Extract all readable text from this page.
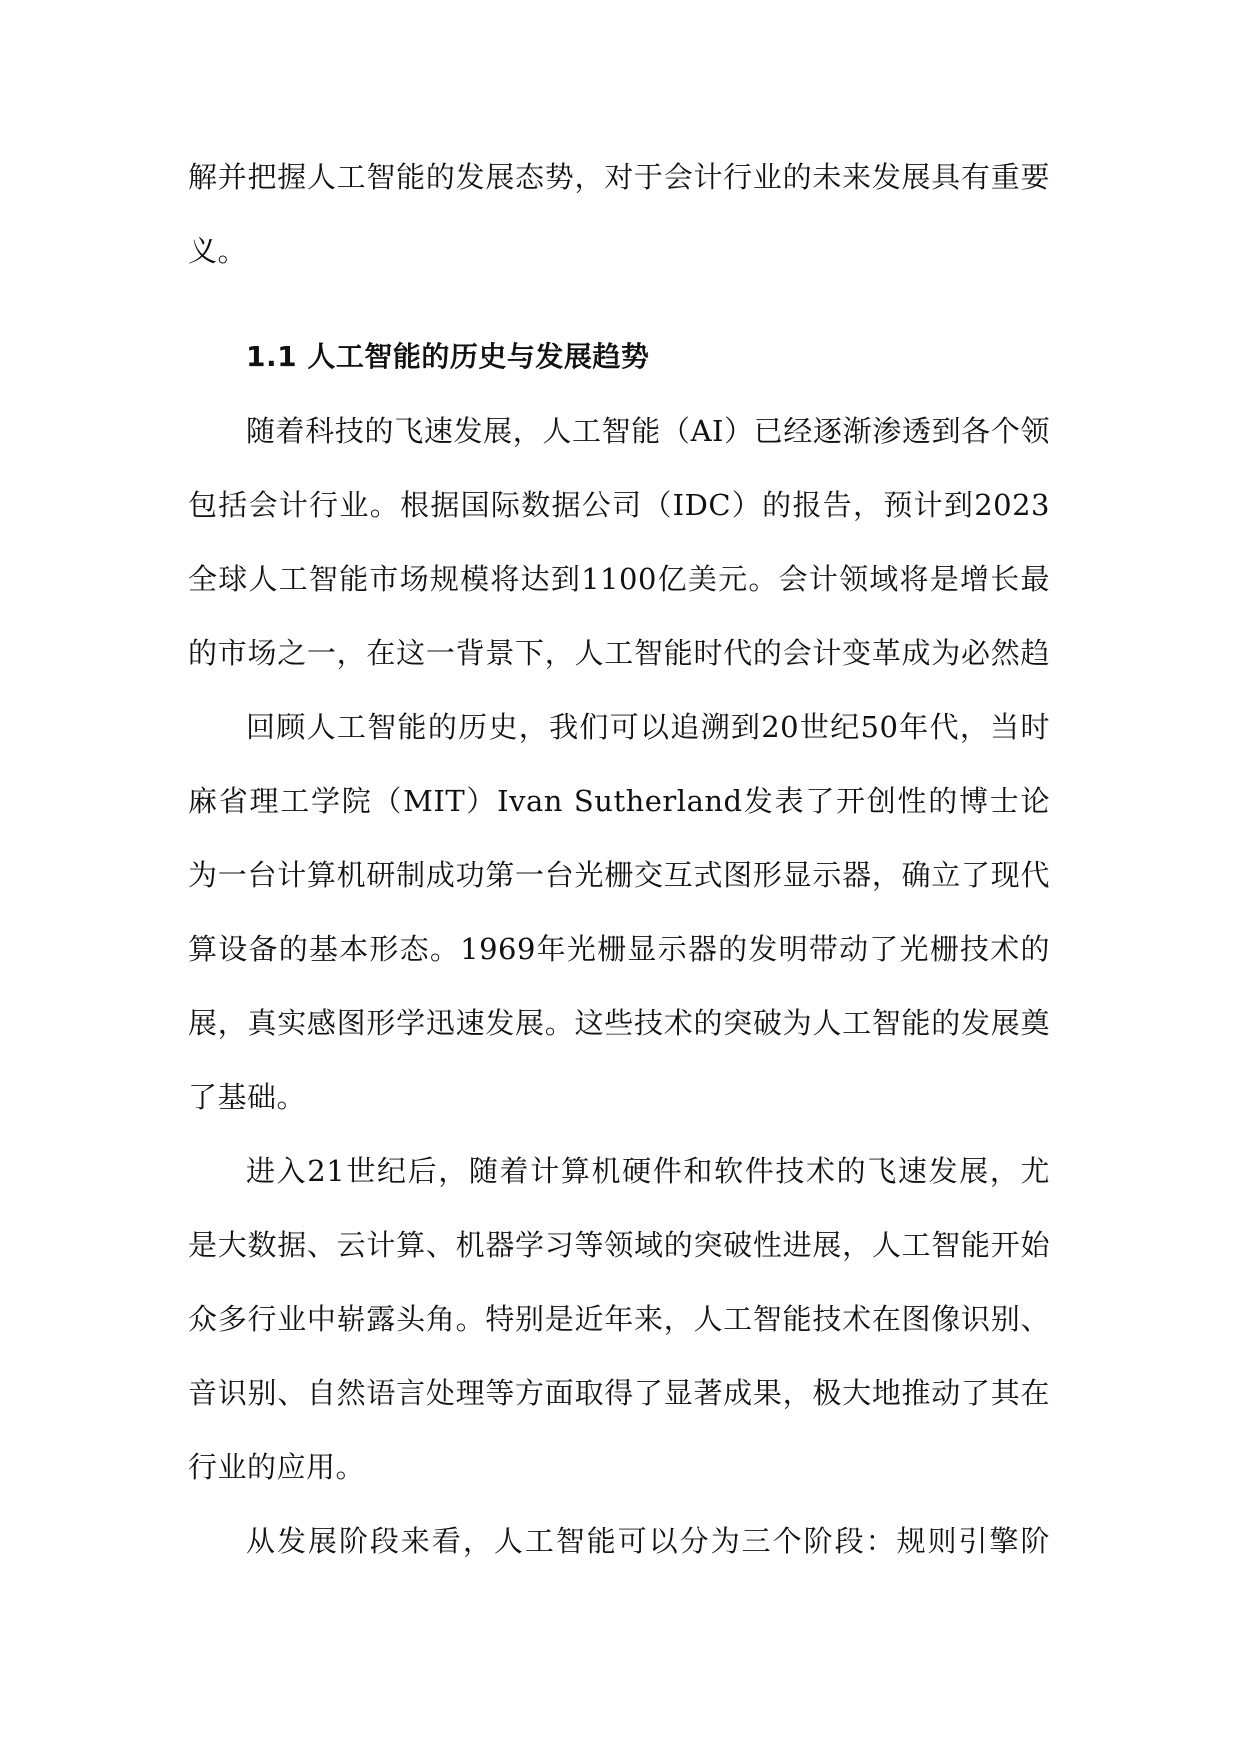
解并把握人工智能的发展态势，对于会计行业的未来发展具有重要
义。
1.1 人工智能的历史与发展趋势
随着科技的飞速发展，人工智能（AI）已经逐渐渗透到各个领
包括会计行业。根据国际数据公司（IDC）的报告，预计到2023
全球人工智能市场规模将达到1100亿美元。会计领域将是增长最
的市场之一，在这一背景下，人工智能时代的会计变革成为必然趋
回顾人工智能的历史，我们可以追溯到20世纪50年代，当时
麻省理工学院（MIT）Ivan Sutherland发表了开创性的博士论
为一台计算机研制成功第一台光栅交互式图形显示器，确立了现代
算设备的基本形态。1969年光栅显示器的发明带动了光栅技术的
展，真实感图形学迅速发展。这些技术的突破为人工智能的发展奠
了基础。
进入21世纪后，随着计算机硬件和软件技术的飞速发展，尤
是大数据、云计算、机器学习等领域的突破性进展，人工智能开始
众多行业中崭露头角。特别是近年来，人工智能技术在图像识别、
音识别、自然语言处理等方面取得了显著成果，极大地推动了其在
行业的应用。
从发展阶段来看，人工智能可以分为三个阶段：规则引擎阶
